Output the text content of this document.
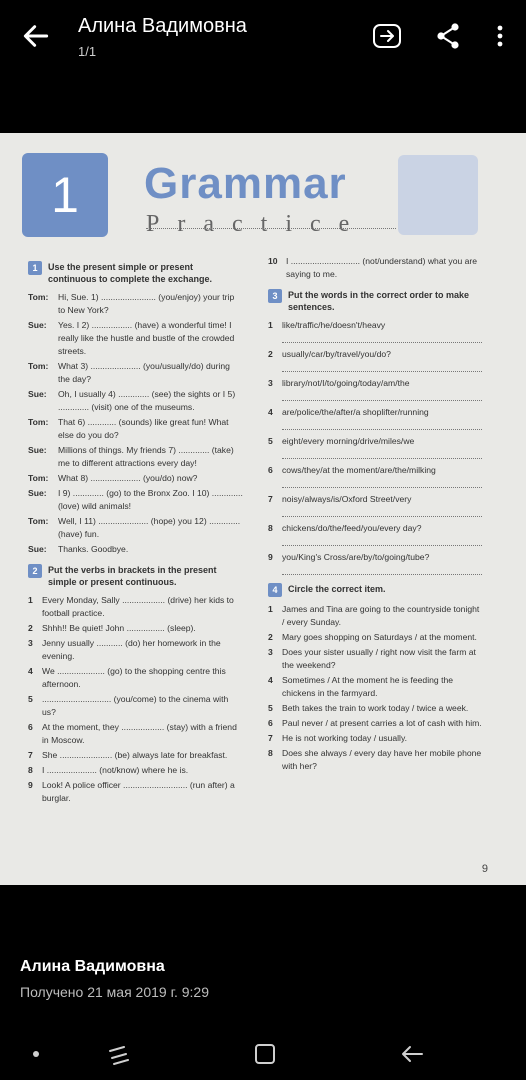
Алина Вадимовна
1/1
1	Grammar
Practice
1	Use the present simple or present continuous to complete the exchange.
Tom:	Hi, Sue. 1) ....................... (you/enjoy) your trip to New York?
Sue:	Yes. I 2) ................. (have) a wonderful time! I really like the hustle and bustle of the crowded streets.
Tom:	What 3) ..................... (you/usually/do) during the day?
Sue:	Oh, I usually 4) ............. (see) the sights or I 5) ............. (visit) one of the museums.
Tom:	That 6) ............ (sounds) like great fun! What else do you do?
Sue:	Millions of things. My friends 7) ............. (take) me to different attractions every day!
Tom:	What 8) ..................... (you/do) now?
Sue:	I 9) ............. (go) to the Bronx Zoo. I 10) ............. (love) wild animals!
Tom:	Well, I 11) ..................... (hope) you 12) ............. (have) fun.
Sue:	Thanks. Goodbye.
2	Put the verbs in brackets in the present simple or present continuous.
1	Every Monday, Sally .................. (drive) her kids to football practice.
2	Shhh!! Be quiet! John ................ (sleep).
3	Jenny usually ........... (do) her homework in the evening.
4	We .................... (go) to the shopping centre this afternoon.
5	............................. (you/come) to the cinema with us?
6	At the moment, they .................. (stay) with a friend in Moscow.
7	She ...................... (be) always late for breakfast.
8	I ..................... (not/know) where he is.
9	Look! A police officer ........................... (run after) a burglar.
10 I ............................. (not/understand) what you are saying to me.
3	Put the words in the correct order to make sentences.
1	like/traffic/he/doesn't/heavy
2	usually/car/by/travel/you/do?
3	library/not/I/to/going/today/am/the
4	are/police/the/after/a shoplifter/running
5	eight/every morning/drive/miles/we
6	cows/they/at the moment/are/the/milking
7	noisy/always/is/Oxford Street/very
8	chickens/do/the/feed/you/every day?
9	you/King's Cross/are/by/to/going/tube?
4	Circle the correct item.
1	James and Tina are going to the countryside tonight / every Sunday.
2	Mary goes shopping on Saturdays / at the moment.
3	Does your sister usually / right now visit the farm at the weekend?
4	Sometimes / At the moment he is feeding the chickens in the farmyard.
5	Beth takes the train to work today / twice a week.
6	Paul never / at present carries a lot of cash with him.
7	He is not working today / usually.
8	Does she always / every day have her mobile phone with her?
9
Алина Вадимовна
Получено 21 мая 2019 г. 9:29
